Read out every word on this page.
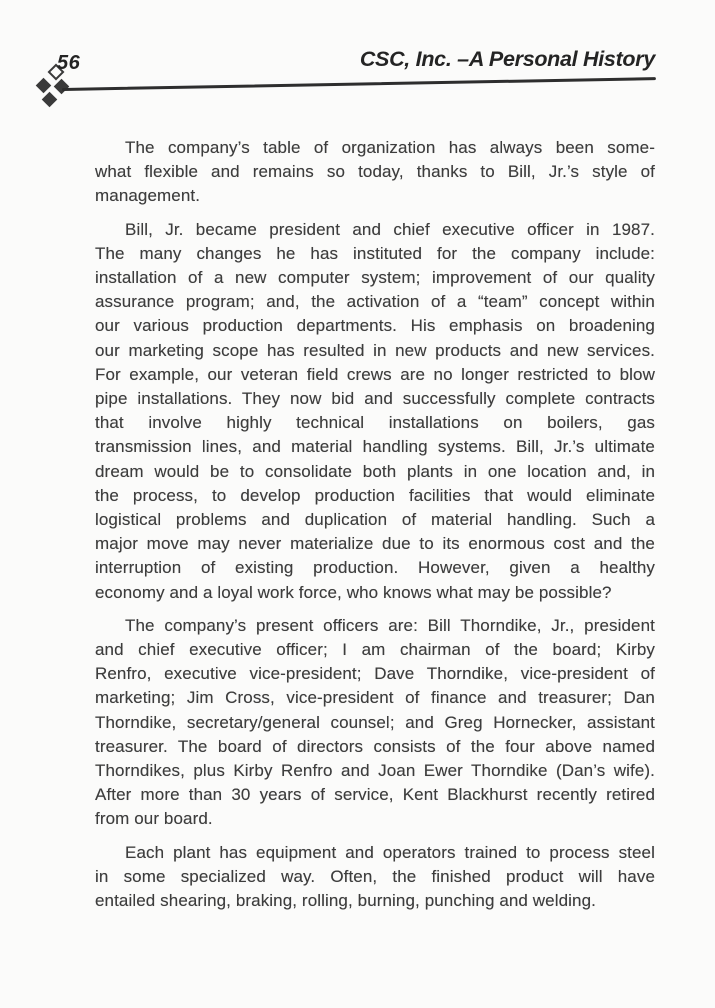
56	CSC, Inc. –A Personal History
The company’s table of organization has always been some-
what flexible and remains so today, thanks to Bill, Jr.’s style of
management.
Bill, Jr. became president and chief executive officer in 1987.
The many changes he has instituted for the company include:
installation of a new computer system; improvement of our quality
assurance program; and, the activation of a “team” concept within
our various production departments. His emphasis on broadening
our marketing scope has resulted in new products and new services.
For example, our veteran field crews are no longer restricted to blow
pipe installations. They now bid and successfully complete contracts
that involve highly technical installations on boilers, gas
transmission lines, and material handling systems. Bill, Jr.’s ultimate
dream would be to consolidate both plants in one location and, in
the process, to develop production facilities that would eliminate
logistical problems and duplication of material handling. Such a
major move may never materialize due to its enormous cost and the
interruption of existing production. However, given a healthy
economy and a loyal work force, who knows what may be possible?
The company’s present officers are: Bill Thorndike, Jr., president
and chief executive officer; I am chairman of the board; Kirby
Renfro, executive vice-president; Dave Thorndike, vice-president of
marketing; Jim Cross, vice-president of finance and treasurer; Dan
Thorndike, secretary/general counsel; and Greg Hornecker, assistant
treasurer. The board of directors consists of the four above named
Thorndikes, plus Kirby Renfro and Joan Ewer Thorndike (Dan’s wife).
After more than 30 years of service, Kent Blackhurst recently retired
from our board.
Each plant has equipment and operators trained to process steel
in some specialized way. Often, the finished product will have
entailed shearing, braking, rolling, burning, punching and welding.
